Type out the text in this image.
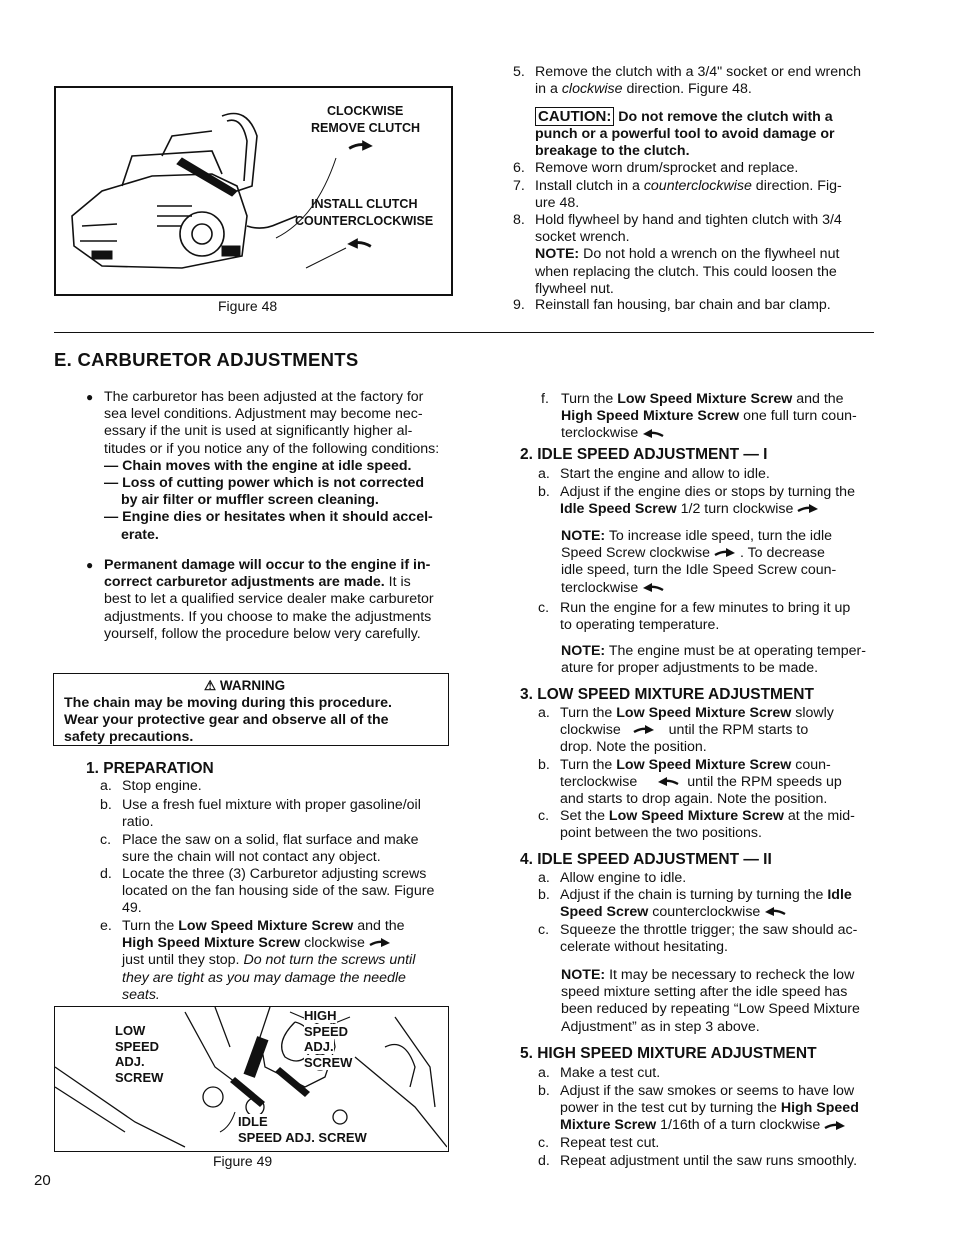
CLOCKWISE
REMOVE CLUTCH
INSTALL CLUTCH
COUNTERCLOCKWISE
Figure 48
5. Remove the clutch with a 3/4" socket or end wrench
in a clockwise direction. Figure 48.
CAUTION: Do not remove the clutch with a
punch or a powerful tool to avoid damage or
breakage to the clutch.
6. Remove worn drum/sprocket and replace.
7. Install clutch in a counterclockwise direction. Fig-
ure 48.
8. Hold flywheel by hand and tighten clutch with 3/4
socket wrench.
NOTE: Do not hold a wrench on the flywheel nut
when replacing the clutch. This could loosen the
flywheel nut.
9. Reinstall fan housing, bar chain and bar clamp.
E. CARBURETOR ADJUSTMENTS
● The carburetor has been adjusted at the factory for
sea level conditions. Adjustment may become nec-
essary if the unit is used at significantly higher al-
titudes or if you notice any of the following conditions:
— Chain moves with the engine at idle speed.
— Loss of cutting power which is not corrected
by air filter or muffler screen cleaning.
— Engine dies or hesitates when it should accel-
erate.
● Permanent damage will occur to the engine if in-
correct carburetor adjustments are made. It is
best to let a qualified service dealer make carburetor
adjustments. If you choose to make the adjustments
yourself, follow the procedure below very carefully.
⚠ WARNING
The chain may be moving during this procedure.
Wear your protective gear and observe all of the
safety precautions.
1. PREPARATION
a. Stop engine.
b. Use a fresh fuel mixture with proper gasoline/oil
ratio.
c. Place the saw on a solid, flat surface and make
sure the chain will not contact any object.
d. Locate the three (3) Carburetor adjusting screws
located on the fan housing side of the saw. Figure
49.
e. Turn the Low Speed Mixture Screw and the
High Speed Mixture Screw clockwise
just until they stop. Do not turn the screws until
they are tight as you may damage the needle
seats.
LOW
SPEED
ADJ.
SCREW
HIGH
SPEED
ADJ.
SCREW
IDLE
SPEED ADJ. SCREW
Figure 49
20
f. Turn the Low Speed Mixture Screw and the
High Speed Mixture Screw one full turn coun-
terclockwise
2. IDLE SPEED ADJUSTMENT — I
a. Start the engine and allow to idle.
b. Adjust if the engine dies or stops by turning the
Idle Speed Screw 1/2 turn clockwise
NOTE: To increase idle speed, turn the idle
Speed Screw clockwise . To decrease
idle speed, turn the Idle Speed Screw coun-
terclockwise
c. Run the engine for a few minutes to bring it up
to operating temperature.
NOTE: The engine must be at operating temper-
ature for proper adjustments to be made.
3. LOW SPEED MIXTURE ADJUSTMENT
a. Turn the Low Speed Mixture Screw slowly
clockwise	until the RPM starts to
drop. Note the position.
b. Turn the Low Speed Mixture Screw coun-
terclockwise	until the RPM speeds up
and starts to drop again. Note the position.
c. Set the Low Speed Mixture Screw at the mid-
point between the two positions.
4. IDLE SPEED ADJUSTMENT — II
a. Allow engine to idle.
b. Adjust if the chain is turning by turning the Idle
Speed Screw counterclockwise
c. Squeeze the throttle trigger; the saw should ac-
celerate without hesitating.
NOTE: It may be necessary to recheck the low
speed mixture setting after the idle speed has
been reduced by repeating “Low Speed Mixture
Adjustment” as in step 3 above.
5. HIGH SPEED MIXTURE ADJUSTMENT
a. Make a test cut.
b. Adjust if the saw smokes or seems to have low
power in the test cut by turning the High Speed
Mixture Screw 1/16th of a turn clockwise
c. Repeat test cut.
d. Repeat adjustment until the saw runs smoothly.
